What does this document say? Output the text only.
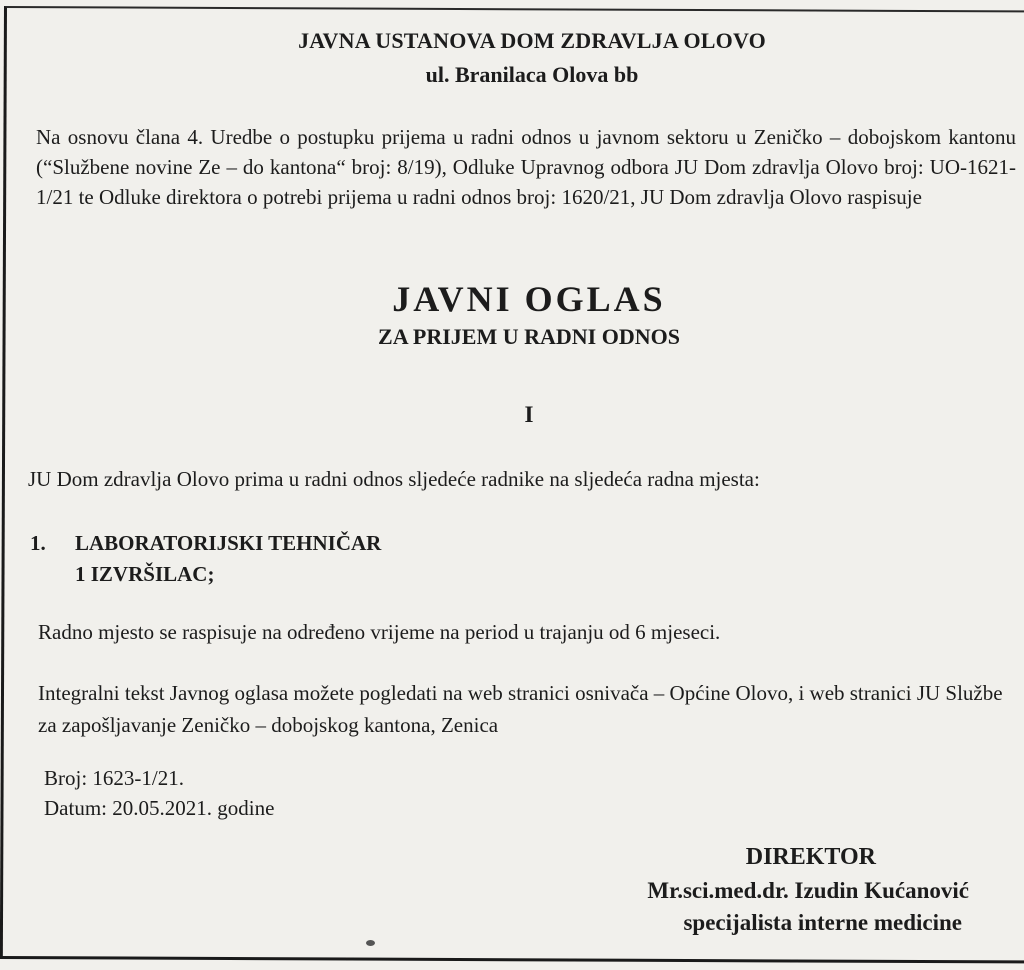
JAVNA USTANOVA DOM ZDRAVLJA OLOVO

ul. Branilaca Olova bb

Na osnovu člana 4. Uredbe o postupku prijema u radni odnos u javnom sektoru u Zeničko – dobojskom kantonu (“Službene novine Ze – do kantona“ broj: 8/19), Odluke Upravnog odbora JU Dom zdravlja Olovo broj: UO-1621-1/21 te Odluke direktora o potrebi prijema u radni odnos broj: 1620/21, JU Dom zdravlja Olovo raspisuje

JAVNI OGLAS

ZA PRIJEM U RADNI ODNOS

I

JU Dom zdravlja Olovo prima u radni odnos sljedeće radnike na sljedeća radna mjesta:

1. LABORATORIJSKI TEHNIČAR

1 IZVRŠILAC;

Radno mjesto se raspisuje na određeno vrijeme na period u trajanju od 6 mjeseci.

Integralni tekst Javnog oglasa možete pogledati na web stranici osnivača – Općine Olovo, i web stranici JU Službe za zapošljavanje Zeničko – dobojskog kantona, Zenica

Broj: 1623-1/21.

Datum: 20.05.2021. godine

DIREKTOR

Mr.sci.med.dr. Izudin Kućanović

specijalista interne medicine
